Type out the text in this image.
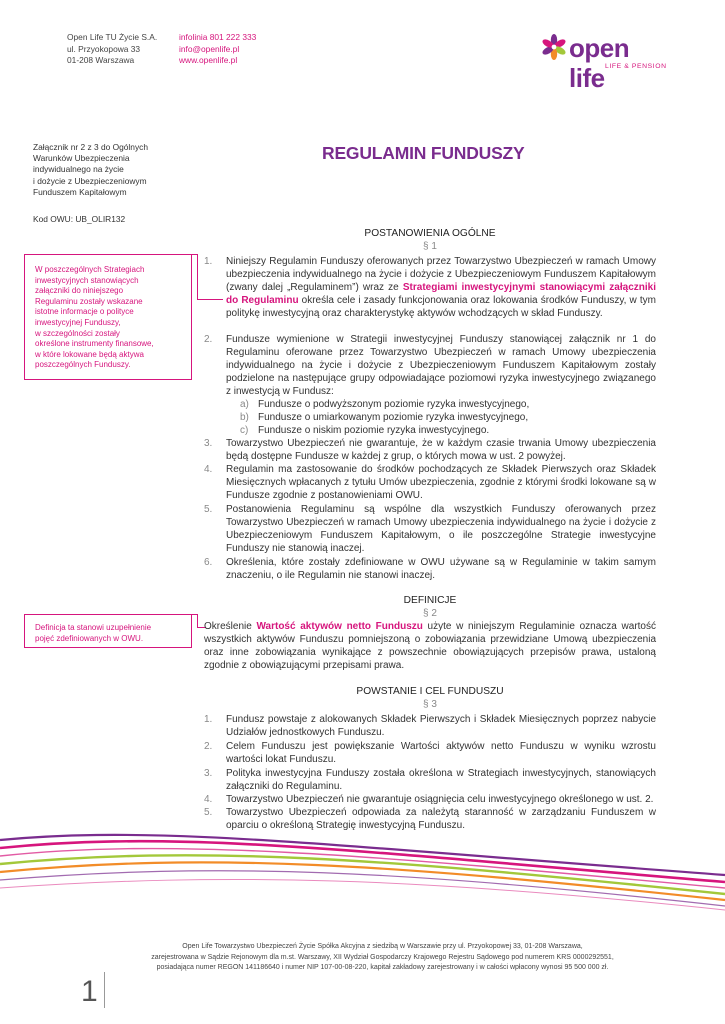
Open Life TU Życie S.A.
ul. Przyokopowa 33
01-208 Warszawa
infolinia 801 222 333
info@openlife.pl
www.openlife.pl	open life LIFE & PENSION
Załącznik nr 2 z 3 do Ogólnych
Warunków Ubezpieczenia
indywidualnego na życie
i dożycie z Ubezpieczeniowym
Funduszem Kapitałowym
Kod OWU: UB_OLIR132
W poszczególnych Strategiach
inwestycyjnych stanowiących
załączniki do niniejszego
Regulaminu zostały wskazane
istotne informacje o polityce
inwestycyjnej Funduszy,
w szczególności zostały
określone instrumenty finansowe,
w które lokowane będą aktywa
poszczególnych Funduszy.
Definicja ta stanowi uzupełnienie
pojęć zdefiniowanych w OWU.
REGULAMIN FUNDUSZY
POSTANOWIENIA OGÓLNE
§ 1
1.	Niniejszy Regulamin Funduszy oferowanych przez Towarzystwo Ubezpieczeń w ramach Umowy ubezpieczenia indywidualnego na życie i dożycie z Ubezpieczeniowym Funduszem Kapitałowym (zwany dalej „Regulaminem”) wraz ze Strategiami inwestycyjnymi stanowiącymi załączniki do Regulaminu określa cele i zasady funkcjonowania oraz lokowania środków Funduszy, w tym politykę inwestycyjną oraz charakterystykę aktywów wchodzących w skład Funduszy.
2.	Fundusze wymienione w Strategii inwestycyjnej Funduszy stanowiącej załącznik nr 1 do Regulaminu oferowane przez Towarzystwo Ubezpieczeń w ramach Umowy ubezpieczenia indywidualnego na życie i dożycie z Ubezpieczeniowym Funduszem Kapitałowym zostały podzielone na następujące grupy odpowiadające poziomowi ryzyka inwestycyjnego związanego z inwestycją w Fundusz:
a) Fundusze o podwyższonym poziomie ryzyka inwestycyjnego,
b) Fundusze o umiarkowanym poziomie ryzyka inwestycyjnego,
c) Fundusze o niskim poziomie ryzyka inwestycyjnego.
3.	Towarzystwo Ubezpieczeń nie gwarantuje, że w każdym czasie trwania Umowy ubezpieczenia będą dostępne Fundusze w każdej z grup, o których mowa w ust. 2 powyżej.
4.	Regulamin ma zastosowanie do środków pochodzących ze Składek Pierwszych oraz Składek Miesięcznych wpłacanych z tytułu Umów ubezpieczenia, zgodnie z którymi środki lokowane są w Fundusze zgodnie z postanowieniami OWU.
5.	Postanowienia Regulaminu są wspólne dla wszystkich Funduszy oferowanych przez Towarzystwo Ubezpieczeń w ramach Umowy ubezpieczenia indywidualnego na życie i dożycie z Ubezpieczeniowym Funduszem Kapitałowym, o ile poszczególne Strategie inwestycyjne Funduszy nie stanowią inaczej.
6.	Określenia, które zostały zdefiniowane w OWU używane są w Regulaminie w takim samym znaczeniu, o ile Regulamin nie stanowi inaczej.
DEFINICJE
§ 2
Określenie Wartość aktywów netto Funduszu użyte w niniejszym Regulaminie oznacza wartość wszystkich aktywów Funduszu pomniejszoną o zobowiązania przewidziane Umową ubezpieczenia oraz inne zobowiązania wynikające z powszechnie obowiązujących przepisów prawa, ustaloną zgodnie z obowiązującymi przepisami prawa.
POWSTANIE I CEL FUNDUSZU
§ 3
1.	Fundusz powstaje z alokowanych Składek Pierwszych i Składek Miesięcznych poprzez nabycie Udziałów jednostkowych Funduszu.
2.	Celem Funduszu jest powiększanie Wartości aktywów netto Funduszu w wyniku wzrostu wartości lokat Funduszu.
3.	Polityka inwestycyjna Funduszy została określona w Strategiach inwestycyjnych, stanowiących załączniki do Regulaminu.
4.	Towarzystwo Ubezpieczeń nie gwarantuje osiągnięcia celu inwestycyjnego określonego w ust. 2.
5.	Towarzystwo Ubezpieczeń odpowiada za należytą staranność w zarządzaniu Funduszem w oparciu o określoną Strategię inwestycyjną Funduszu.
Open Life Towarzystwo Ubezpieczeń Życie Spółka Akcyjna z siedzibą w Warszawie przy ul. Przyokopowej 33, 01-208 Warszawa,
zarejestrowana w Sądzie Rejonowym dla m.st. Warszawy, XII Wydział Gospodarczy Krajowego Rejestru Sądowego pod numerem KRS 0000292551,
posiadająca numer REGON 141186640 i numer NIP 107-00-08-220, kapitał zakładowy zarejestrowany i w całości wpłacony wynosi 95 500 000 zł.
1
